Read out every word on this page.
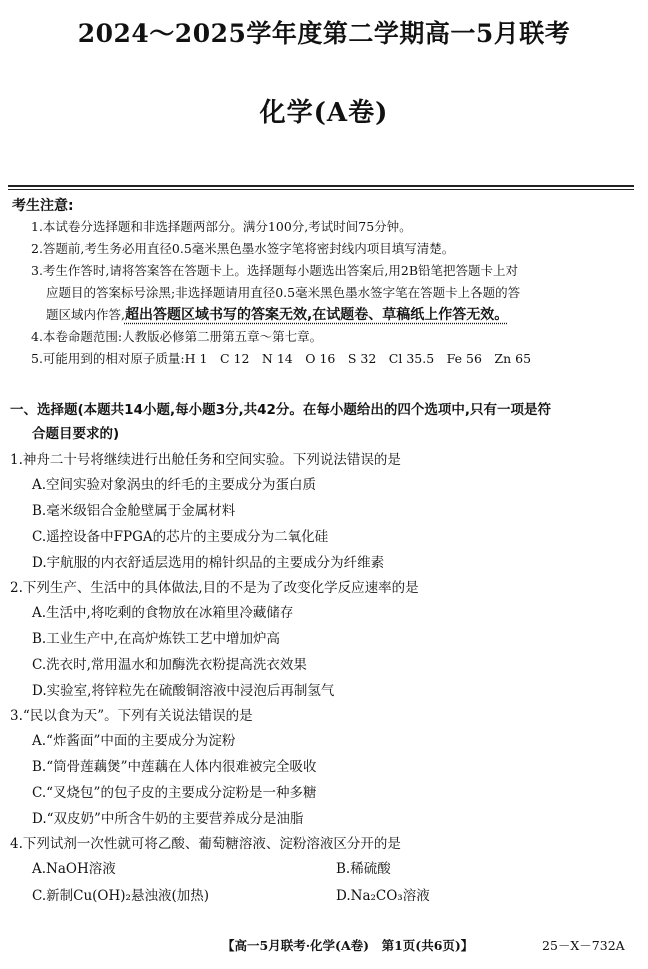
2024～2025学年度第二学期高一5月联考
化学(A卷)
考生注意:
1.本试卷分选择题和非选择题两部分。满分100分,考试时间75分钟。
2.答题前,考生务必用直径0.5毫米黑色墨水签字笔将密封线内项目填写清楚。
3.考生作答时,请将答案答在答题卡上。选择题每小题选出答案后,用2B铅笔把答题卡上对
应题目的答案标号涂黑;非选择题请用直径0.5毫米黑色墨水签字笔在答题卡上各题的答
题区域内作答,超出答题区域书写的答案无效,在试题卷、草稿纸上作答无效。
4.本卷命题范围:人教版必修第二册第五章～第七章。
5.可能用到的相对原子质量:H 1　C 12　N 14　O 16　S 32　Cl 35.5　Fe 56　Zn 65
一、选择题(本题共14小题,每小题3分,共42分。在每小题给出的四个选项中,只有一项是符
合题目要求的)
1.神舟二十号将继续进行出舱任务和空间实验。下列说法错误的是
A.空间实验对象涡虫的纤毛的主要成分为蛋白质
B.毫米级铝合金舱壁属于金属材料
C.遥控设备中FPGA的芯片的主要成分为二氧化硅
D.宇航服的内衣舒适层选用的棉针织品的主要成分为纤维素
2.下列生产、生活中的具体做法,目的不是为了改变化学反应速率的是
A.生活中,将吃剩的食物放在冰箱里冷藏储存
B.工业生产中,在高炉炼铁工艺中增加炉高
C.洗衣时,常用温水和加酶洗衣粉提高洗衣效果
D.实验室,将锌粒先在硫酸铜溶液中浸泡后再制氢气
3.“民以食为天”。下列有关说法错误的是
A.“炸酱面”中面的主要成分为淀粉
B.“筒骨莲藕煲”中莲藕在人体内很难被完全吸收
C.“叉烧包”的包子皮的主要成分淀粉是一种多糖
D.“双皮奶”中所含牛奶的主要营养成分是油脂
4.下列试剂一次性就可将乙酸、葡萄糖溶液、淀粉溶液区分开的是
A.NaOH溶液	B.稀硫酸
C.新制Cu(OH)₂悬浊液(加热)	D.Na₂CO₃溶液
【高一5月联考·化学(A卷)　第1页(共6页)】	25－X－732A
